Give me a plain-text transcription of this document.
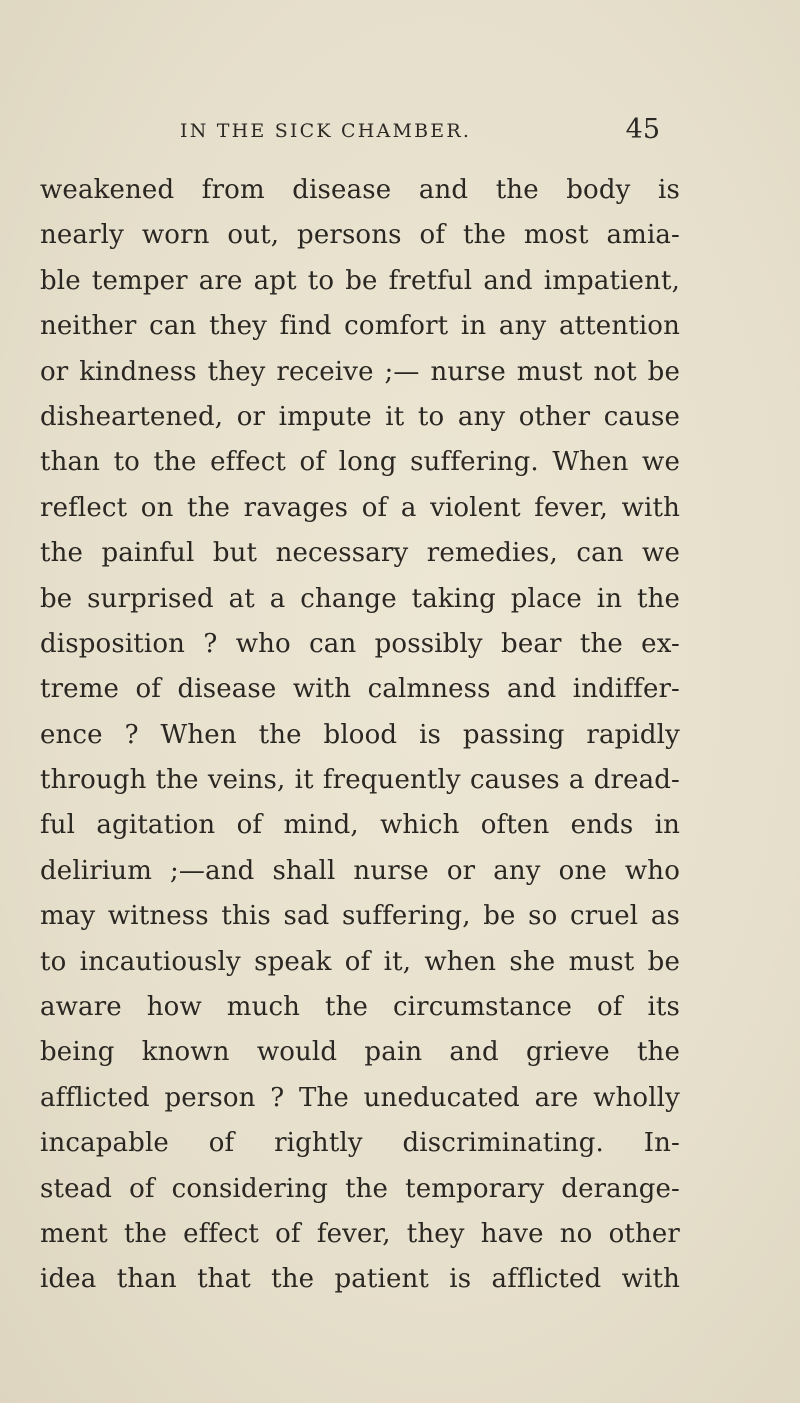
IN THE SICK CHAMBER.	45
weakened from disease and the body is
nearly worn out, persons of the most amia-
ble temper are apt to be fretful and impatient,
neither can they find comfort in any attention
or kindness they receive ;— nurse must not be
disheartened, or impute it to any other cause
than to the effect of long suffering. When we
reflect on the ravages of a violent fever, with
the painful but necessary remedies, can we
be surprised at a change taking place in the
disposition ? who can possibly bear the ex-
treme of disease with calmness and indiffer-
ence ? When the blood is passing rapidly
through the veins, it frequently causes a dread-
ful agitation of mind, which often ends in
delirium ;—and shall nurse or any one who
may witness this sad suffering, be so cruel as
to incautiously speak of it, when she must be
aware how much the circumstance of its
being known would pain and grieve the
afflicted person ? The uneducated are wholly
incapable of rightly discriminating. In-
stead of considering the temporary derange-
ment the effect of fever, they have no other
idea than that the patient is afflicted with
